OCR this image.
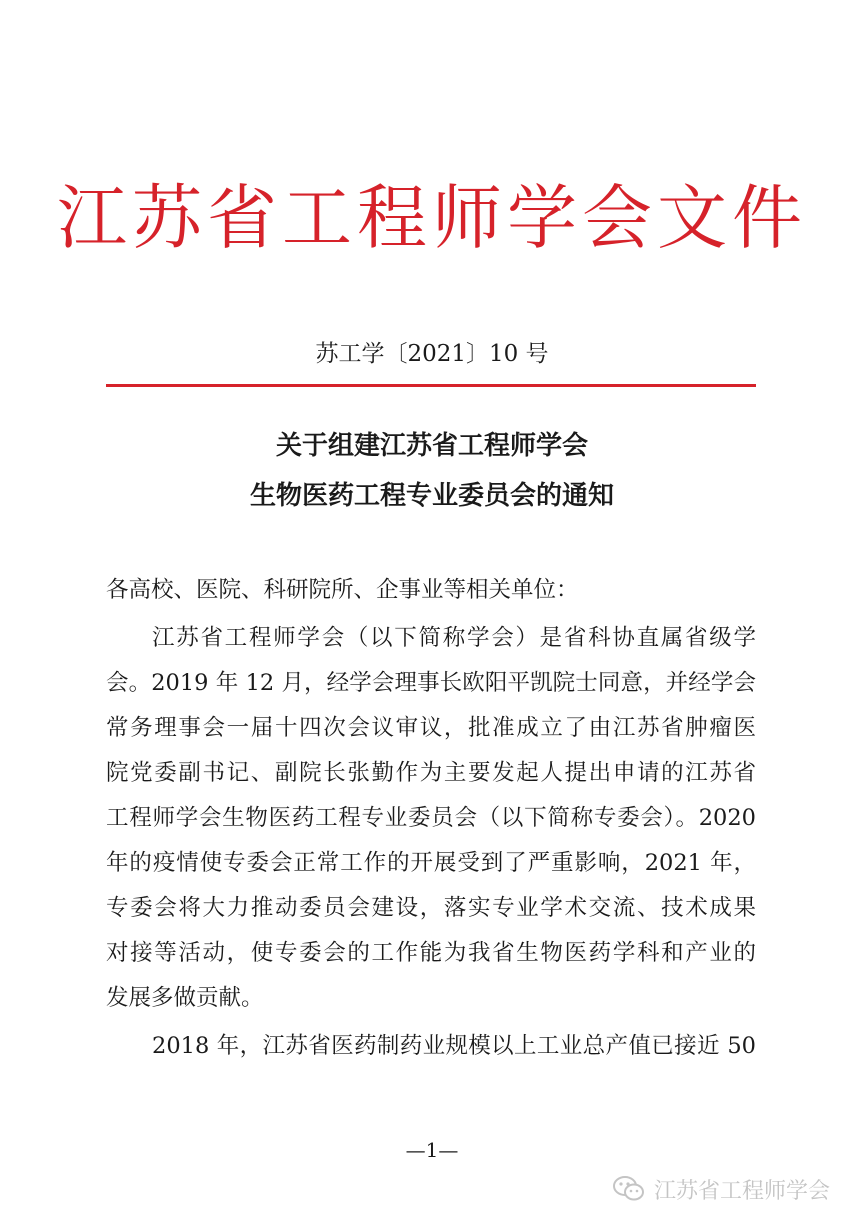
江苏省工程师学会文件
苏工学〔2021〕10 号
关于组建江苏省工程师学会
生物医药工程专业委员会的通知
各高校、医院、科研院所、企事业等相关单位：
江苏省工程师学会（以下简称学会）是省科协直属省级学
会。2019 年 12 月，经学会理事长欧阳平凯院士同意，并经学会
常务理事会一届十四次会议审议，批准成立了由江苏省肿瘤医
院党委副书记、副院长张勤作为主要发起人提出申请的江苏省
工程师学会生物医药工程专业委员会（以下简称专委会）。2020
年的疫情使专委会正常工作的开展受到了严重影响，2021 年，
专委会将大力推动委员会建设，落实专业学术交流、技术成果
对接等活动，使专委会的工作能为我省生物医药学科和产业的
发展多做贡献。
2018 年，江苏省医药制药业规模以上工业总产值已接近 50
—1—
江苏省工程师学会
